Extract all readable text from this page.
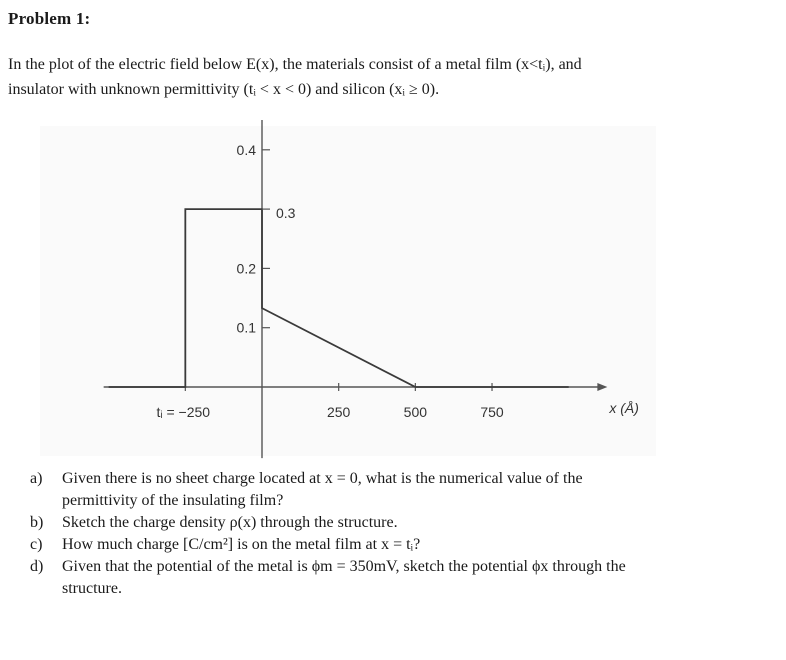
Problem 1:
In the plot of the electric field below E(x), the materials consist of a metal film (x<tᵢ), and
insulator with unknown permittivity (tᵢ < x < 0) and silicon (xᵢ ≥ 0).
0.1
0.2
0.4
tᵢ = −250	250	500	750	x (Å)
0.3
a)	Given there is no sheet charge located at x = 0, what is the numerical value of the
permittivity of the insulating film?
b)	Sketch the charge density ρ(x) through the structure.
c)	How much charge [C/cm²] is on the metal film at x = tᵢ?
d)	Given that the potential of the metal is ϕm = 350mV, sketch the potential ϕx through the
structure.
